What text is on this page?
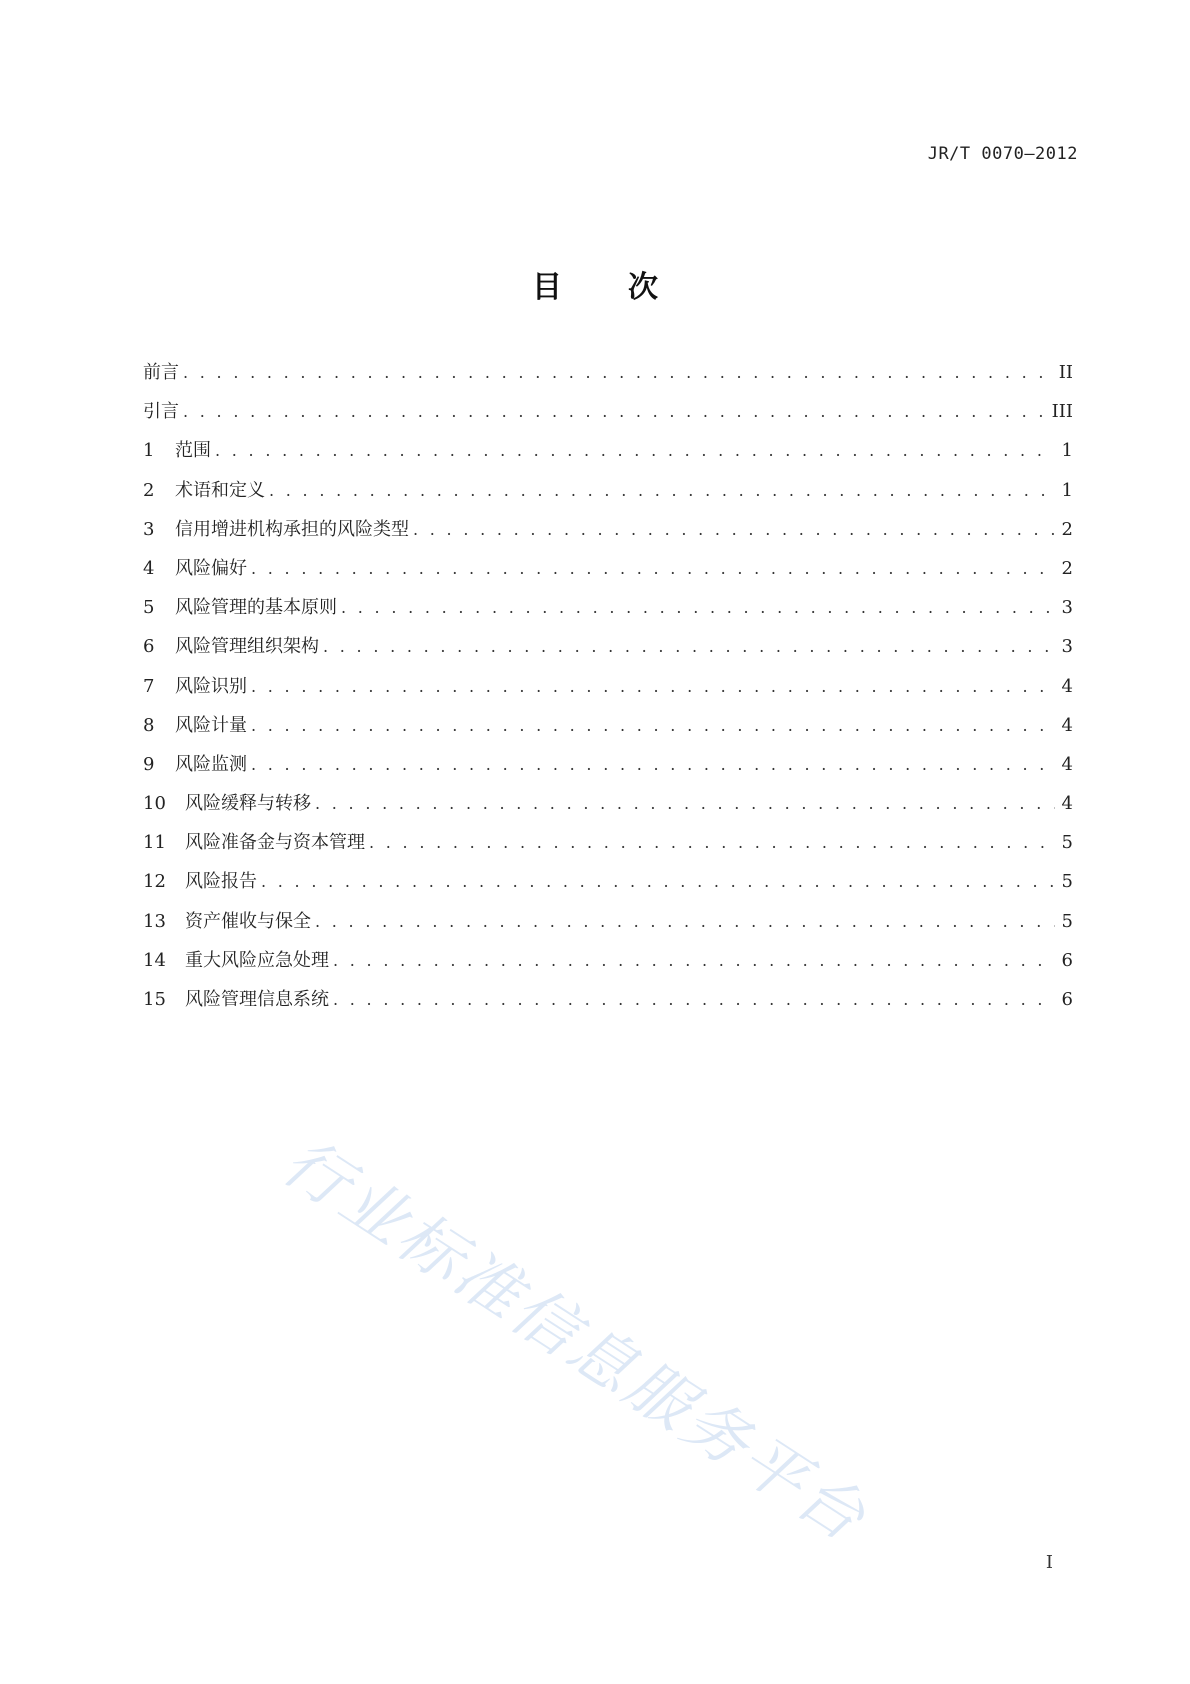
JR/T 0070—2012
目 次
前言 . . .	II
引言 . . .	III
1	范围 . . .	1
2	术语和定义 . . .	1
3	信用增进机构承担的风险类型 . . .	2
4	风险偏好 . . .	2
5	风险管理的基本原则 . . .	3
6	风险管理组织架构 . . .	3
7	风险识别 . . .	4
8	风险计量 . . .	4
9	风险监测 . . .	4
10	风险缓释与转移 . . .	4
11	风险准备金与资本管理 . . .	5
12	风险报告 . . .	5
13	资产催收与保全 . . .	5
14	重大风险应急处理 . . .	6
15	风险管理信息系统 . . .	6
行业标准信息服务平台
I
